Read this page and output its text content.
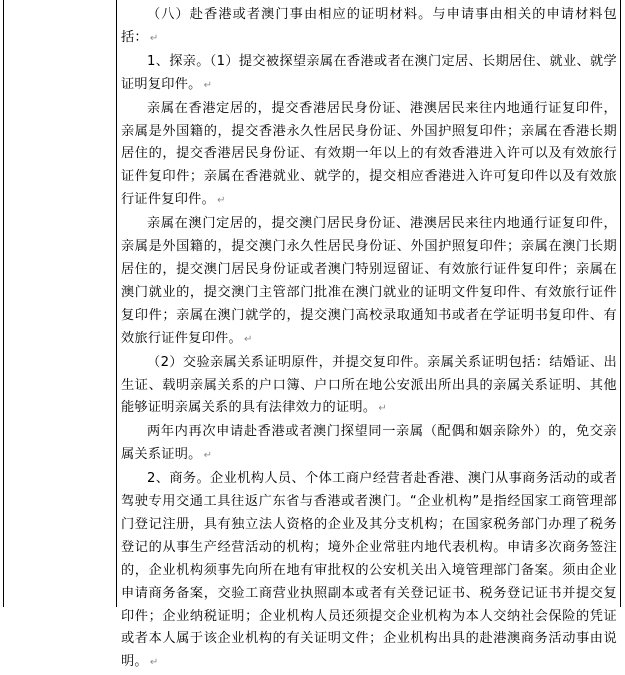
（八）赴香港或者澳门事由相应的证明材料。与申请事由相关的申请材料包括： ↵

1、探亲。（1）提交被探望亲属在香港或者在澳门定居、长期居住、就业、就学证明复印件。 ↵

亲属在香港定居的，提交香港居民身份证、港澳居民来往内地通行证复印件，亲属是外国籍的，提交香港永久性居民身份证、外国护照复印件；亲属在香港长期居住的，提交香港居民身份证、有效期一年以上的有效香港进入许可以及有效旅行证件复印件；亲属在香港就业、就学的，提交相应香港进入许可复印件以及有效旅行证件复印件。 ↵

亲属在澳门定居的，提交澳门居民身份证、港澳居民来往内地通行证复印件，亲属是外国籍的，提交澳门永久性居民身份证、外国护照复印件；亲属在澳门长期居住的，提交澳门居民身份证或者澳门特别逗留证、有效旅行证件复印件；亲属在澳门就业的，提交澳门主管部门批准在澳门就业的证明文件复印件、有效旅行证件复印件；亲属在澳门就学的，提交澳门高校录取通知书或者在学证明书复印件、有效旅行证件复印件。 ↵

（2）交验亲属关系证明原件，并提交复印件。亲属关系证明包括：结婚证、出生证、载明亲属关系的户口簿、户口所在地公安派出所出具的亲属关系证明、其他能够证明亲属关系的具有法律效力的证明。 ↵

两年内再次申请赴香港或者澳门探望同一亲属（配偶和姻亲除外）的，免交亲属关系证明。 ↵

2、商务。企业机构人员、个体工商户经营者赴香港、澳门从事商务活动的或者驾驶专用交通工具往返广东省与香港或者澳门。“企业机构”是指经国家工商管理部门登记注册，具有独立法人资格的企业及其分支机构；在国家税务部门办理了税务登记的从事生产经营活动的机构；境外企业常驻内地代表机构。申请多次商务签注的，企业机构须事先向所在地有审批权的公安机关出入境管理部门备案。须由企业申请商务备案，交验工商营业执照副本或者有关登记证书、税务登记证书并提交复印件；企业纳税证明；企业机构人员还须提交企业机构为本人交纳社会保险的凭证或者本人属于该企业机构的有关证明文件；企业机构出具的赴港澳商务活动事由说明。 ↵
